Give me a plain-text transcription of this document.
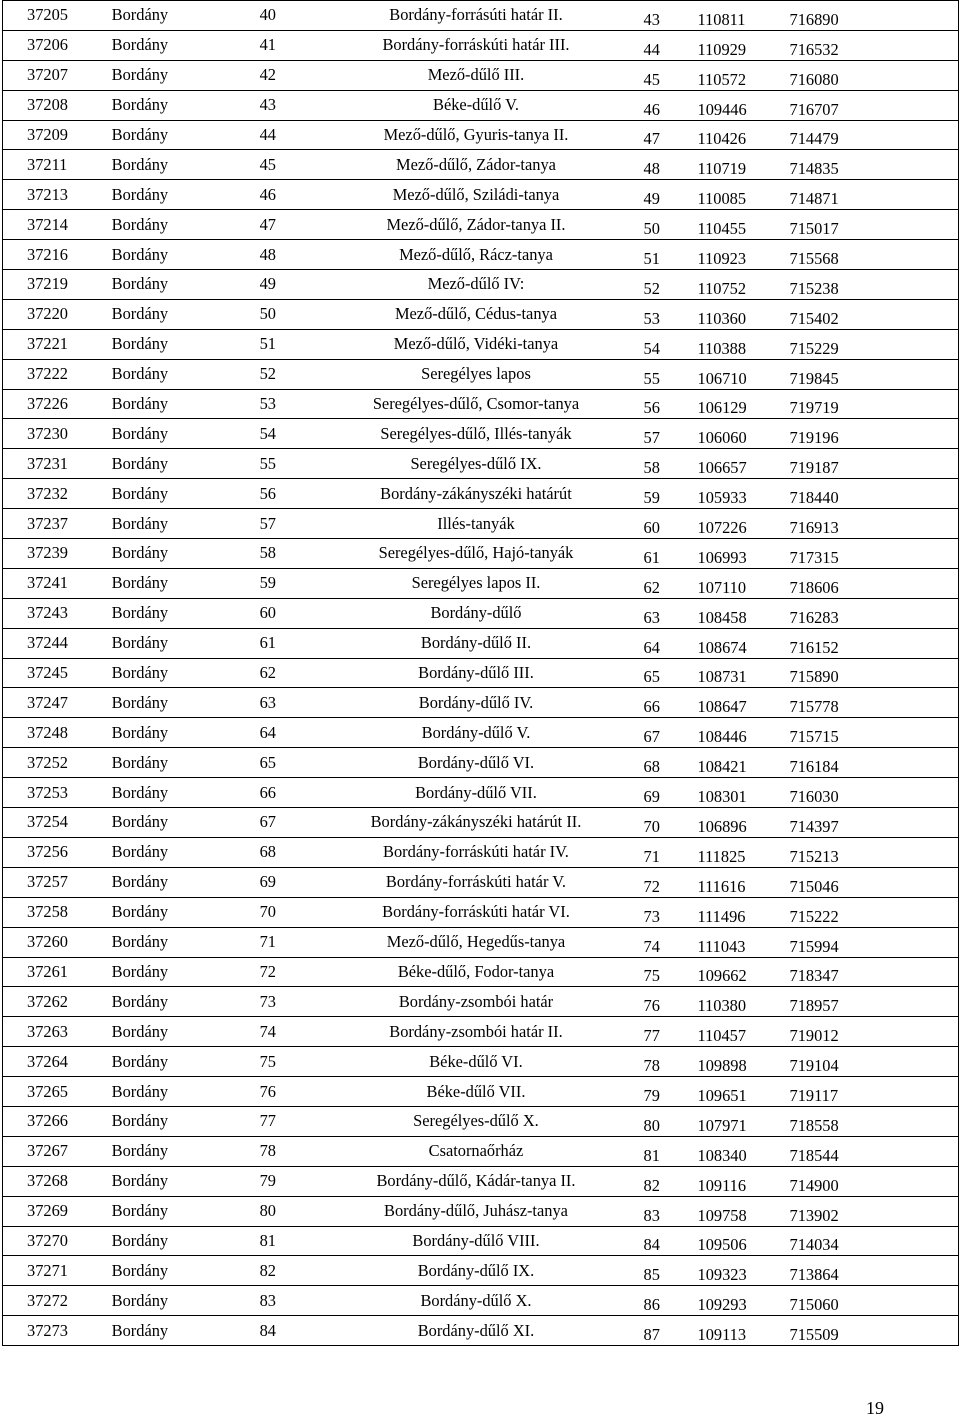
37205 Bordány 40 Bordány-forrásúti határ II.	43 110811 716890

37206 Bordány 41 Bordány-forráskúti határ III.	44 110929 716532

37207 Bordány 42 Mező-dűlő III.	45 110572 716080

37208 Bordány 43 Béke-dűlő V.	46 109446 716707

37209 Bordány 44 Mező-dűlő, Gyuris-tanya II.	47 110426 714479

37211 Bordány 45 Mező-dűlő, Zádor-tanya	48 110719 714835

37213 Bordány 46 Mező-dűlő, Sziládi-tanya	49 110085 714871

37214 Bordány 47 Mező-dűlő, Zádor-tanya II.	50 110455 715017

37216 Bordány 48 Mező-dűlő, Rácz-tanya	51 110923 715568

37219 Bordány 49 Mező-dűlő IV:	52 110752 715238

37220 Bordány 50 Mező-dűlő, Cédus-tanya	53 110360 715402

37221 Bordány 51 Mező-dűlő, Vidéki-tanya	54 110388 715229

37222 Bordány 52 Seregélyes lapos	55 106710 719845

37226 Bordány 53 Seregélyes-dűlő, Csomor-tanya	56 106129 719719

37230 Bordány 54 Seregélyes-dűlő, Illés-tanyák	57 106060 719196

37231 Bordány 55 Seregélyes-dűlő IX.	58 106657 719187

37232 Bordány 56 Bordány-zákányszéki határút	59 105933 718440

37237 Bordány 57 Illés-tanyák	60 107226 716913

37239 Bordány 58 Seregélyes-dűlő, Hajó-tanyák	61 106993 717315

37241 Bordány 59 Seregélyes lapos II.	62 107110 718606

37243 Bordány 60 Bordány-dűlő	63 108458 716283

37244 Bordány 61 Bordány-dűlő II.	64 108674 716152

37245 Bordány 62 Bordány-dűlő III.	65 108731 715890

37247 Bordány 63 Bordány-dűlő IV.	66 108647 715778

37248 Bordány 64 Bordány-dűlő V.	67 108446 715715

37252 Bordány 65 Bordány-dűlő VI.	68 108421 716184

37253 Bordány 66 Bordány-dűlő VII.	69 108301 716030

37254 Bordány 67 Bordány-zákányszéki határút II.	70 106896 714397

37256 Bordány 68 Bordány-forráskúti határ IV.	71 111825 715213

37257 Bordány 69 Bordány-forráskúti határ V.	72 111616 715046

37258 Bordány 70 Bordány-forráskúti határ VI.	73 111496 715222

37260 Bordány 71 Mező-dűlő, Hegedűs-tanya	74 111043 715994

37261 Bordány 72 Béke-dűlő, Fodor-tanya	75 109662 718347

37262 Bordány 73 Bordány-zsombói határ	76 110380 718957

37263 Bordány 74 Bordány-zsombói határ II.	77 110457 719012

37264 Bordány 75 Béke-dűlő VI.	78 109898 719104

37265 Bordány 76 Béke-dűlő VII.	79 109651 719117

37266 Bordány 77 Seregélyes-dűlő X.	80 107971 718558

37267 Bordány 78 Csatornaőrház	81 108340 718544

37268 Bordány 79 Bordány-dűlő, Kádár-tanya II.	82 109116 714900

37269 Bordány 80 Bordány-dűlő, Juhász-tanya	83 109758 713902

37270 Bordány 81 Bordány-dűlő VIII.	84 109506 714034

37271 Bordány 82 Bordány-dűlő IX.	85 109323 713864

37272 Bordány 83 Bordány-dűlő X.	86 109293 715060

37273 Bordány 84 Bordány-dűlő XI.	87 109113 715509
19
